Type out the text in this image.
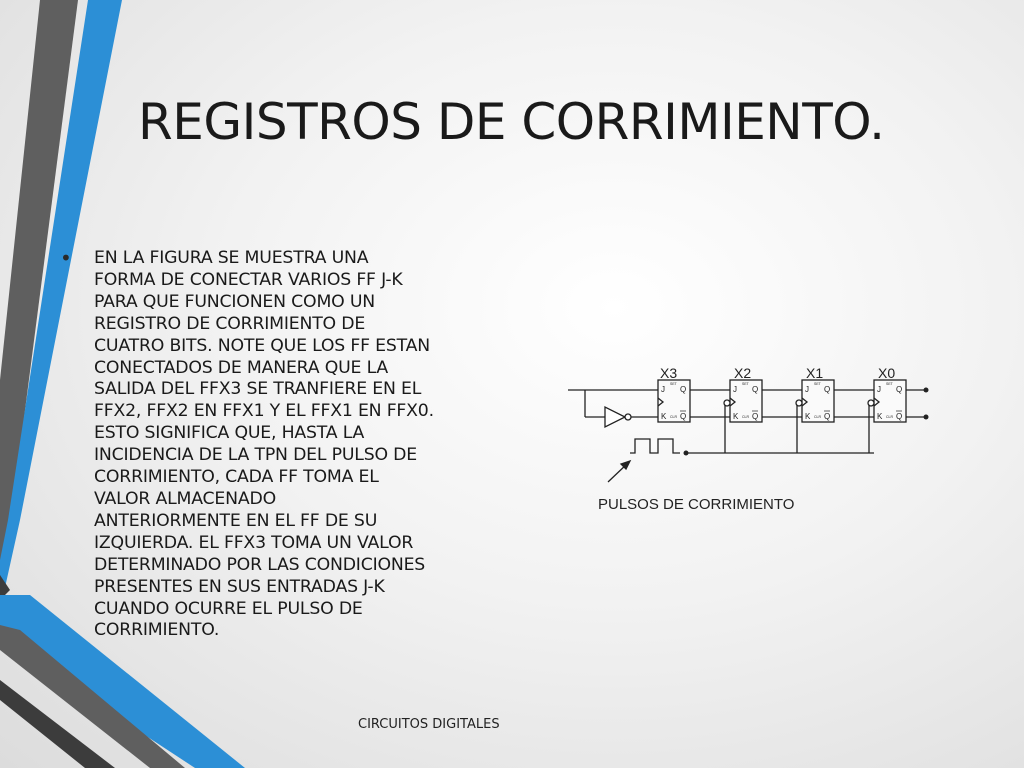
REGISTROS DE CORRIMIENTO.
• EN LA FIGURA SE MUESTRA UNA
FORMA DE CONECTAR VARIOS FF J-K
PARA QUE FUNCIONEN COMO UN
REGISTRO DE CORRIMIENTO DE
CUATRO BITS. NOTE QUE LOS FF ESTAN
CONECTADOS DE MANERA QUE LA
SALIDA DEL FFX3 SE TRANFIERE EN EL
FFX2, FFX2 EN FFX1 Y EL FFX1 EN FFX0.
ESTO SIGNIFICA QUE, HASTA LA
INCIDENCIA DE LA TPN DEL PULSO DE
CORRIMIENTO, CADA FF TOMA EL
VALOR ALMACENADO
ANTERIORMENTE EN EL FF DE SU
IZQUIERDA. EL FFX3 TOMA UN VALOR
DETERMINADO POR LAS CONDICIONES
PRESENTES EN SUS ENTRADAS J-K
CUANDO OCURRE EL PULSO DE
CORRIMIENTO.
X3	X2	X1	X0
J
K
Q
Q
J
K
Q
Q
J
K
Q
Q
J
K
Q
Q
SET
CLR
SET
CLR
SET
CLR
SET
CLR
PULSOS DE CORRIMIENTO
CIRCUITOS DIGITALES
